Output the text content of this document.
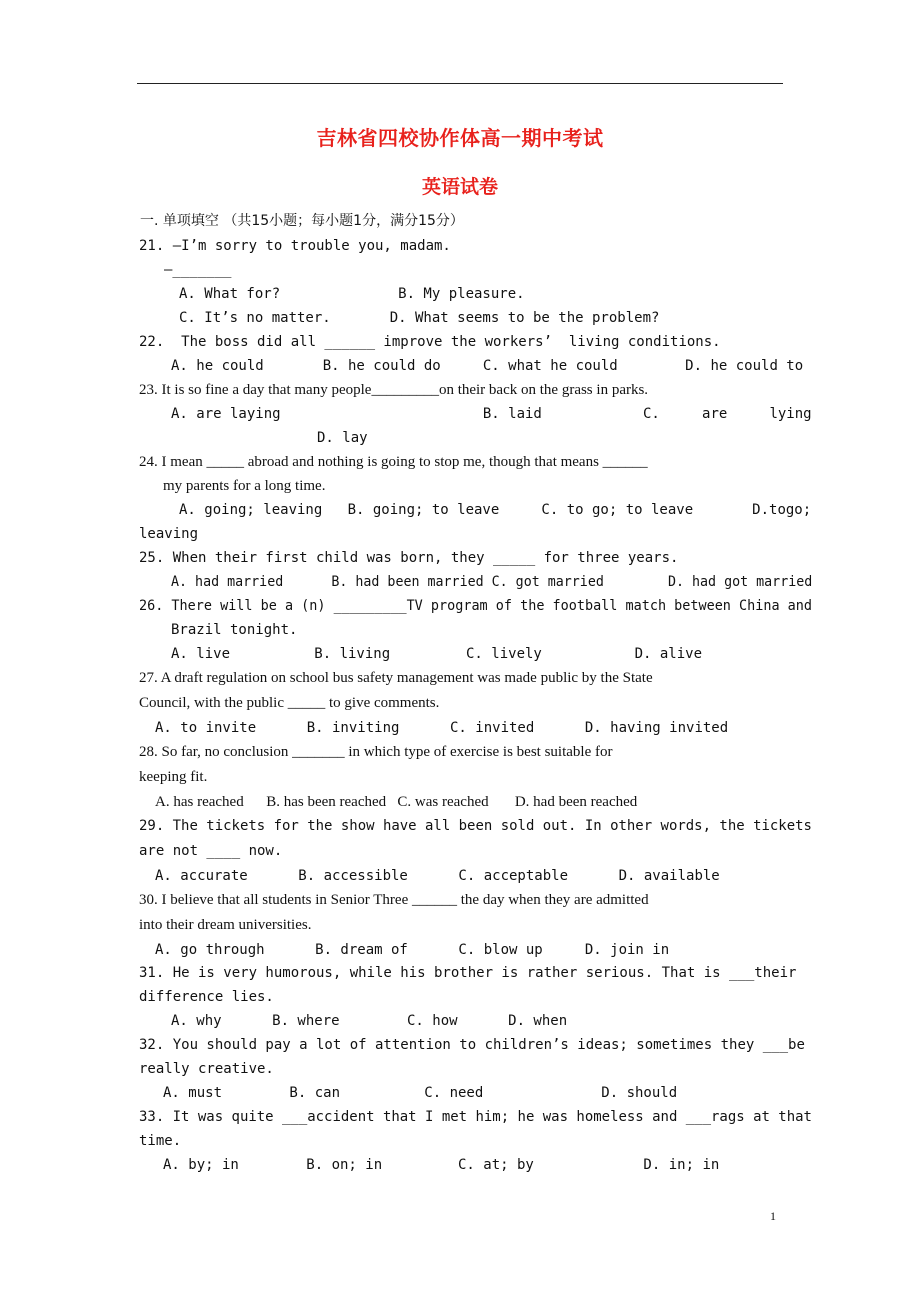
吉林省四校协作体高一期中考试
英语试卷
一. 单项填空 （共15小题；每小题1分，满分15分）
21. —I’m sorry to trouble you, madam.
—_______
A. What for?              B. My pleasure.
C. It’s no matter.       D. What seems to be the problem?
22.  The boss did all ______ improve the workers’  living conditions.
A. he could       B. he could do     C. what he could        D. he could to
23. It is so fine a day that many people_________on their back on the grass in parks.
A. are laying                        B. laid            C.     are     lying
D. lay
24. I mean _____ abroad and nothing is going to stop me, though that means ______
my parents for a long time.
A. going; leaving   B. going; to leave     C. to go; to leave       D.togo;
leaving
25. When their first child was born, they _____ for three years.
A. had married      B. had been married C. got married        D. had got married
26. There will be a (n) _________TV program of the football match between China and
Brazil tonight.
A. live          B. living         C. lively           D. alive
27. A draft regulation on school bus safety management was made public by the State
Council, with the public _____ to give comments.
A. to invite      B. inviting      C. invited      D. having invited
28. So far, no conclusion _______ in which type of exercise is best suitable for
keeping fit.
A. has reached      B. has been reached   C. was reached       D. had been reached
29. The tickets for the show have all been sold out. In other words, the tickets
are not ____ now.
A. accurate      B. accessible      C. acceptable      D. available
30. I believe that all students in Senior Three ______ the day when they are admitted
into their dream universities.
A. go through      B. dream of      C. blow up     D. join in
31. He is very humorous, while his brother is rather serious. That is ___their
difference lies.
A. why      B. where        C. how      D. when
32. You should pay a lot of attention to children’s ideas; sometimes they ___be
really creative.
A. must        B. can          C. need              D. should
33. It was quite ___accident that I met him; he was homeless and ___rags at that
time.
A. by; in        B. on; in         C. at; by             D. in; in
1
